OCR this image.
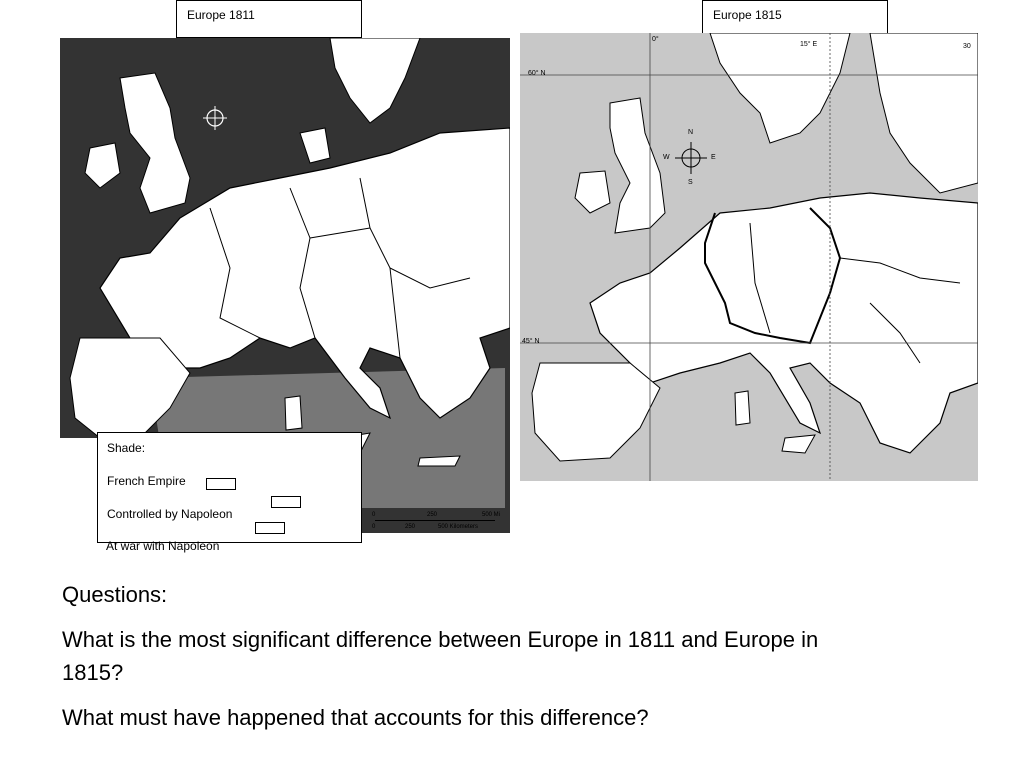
Europe 1811	Europe 1815
0	250	500 Mi
0	250	500 Kilometers
0°
15° E	30
60° N
45° N
N
S
E
W
Shade:
French Empire
Controlled by Napoleon
At war with Napoleon

Questions:

What is the most significant difference between Europe in 1811 and Europe in 1815?

What must have happened that accounts for this difference?
